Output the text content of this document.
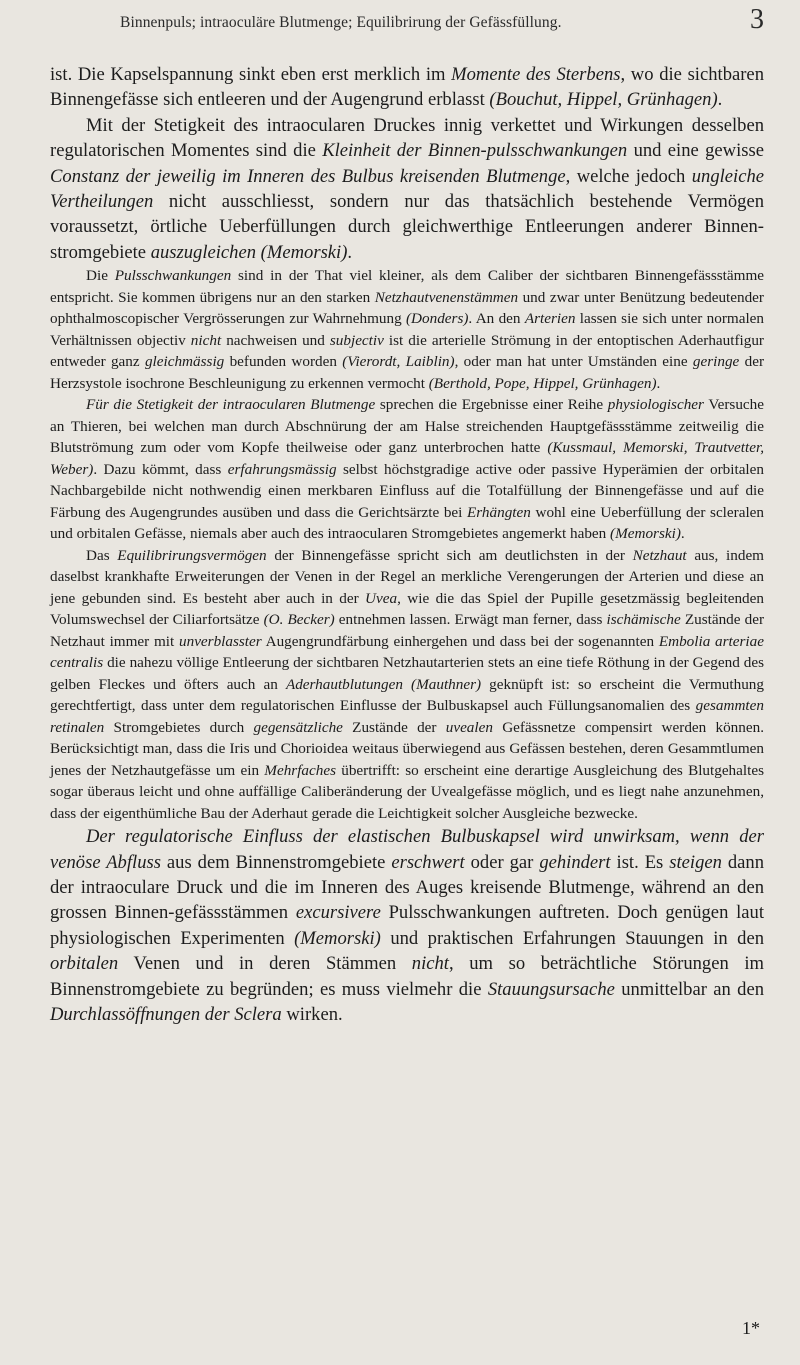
Binnenpuls; intraoculäre Blutmenge; Equilibrirung der Gefässfüllung.	3

ist. Die Kapselspannung sinkt eben erst merklich im Momente des Sterbens, wo die sichtbaren Binnengefässe sich entleeren und der Augengrund erblasst (Bouchut, Hippel, Grünhagen).

Mit der Stetigkeit des intraocularen Druckes innig verkettet und Wirkungen desselben regulatorischen Momentes sind die Kleinheit der Binnen-pulsschwankungen und eine gewisse Constanz der jeweilig im Inneren des Bulbus kreisenden Blutmenge, welche jedoch ungleiche Vertheilungen nicht ausschliesst, sondern nur das thatsächlich bestehende Vermögen voraussetzt, örtliche Ueberfüllungen durch gleichwerthige Entleerungen anderer Binnen-stromgebiete auszugleichen (Memorski).

Die Pulsschwankungen sind in der That viel kleiner, als dem Caliber der sichtbaren Binnengefässstämme entspricht. Sie kommen übrigens nur an den starken Netzhautvenenstämmen und zwar unter Benützung bedeutender ophthalmoscopischer Vergrösserungen zur Wahrnehmung (Donders). An den Arterien lassen sie sich unter normalen Verhältnissen objectiv nicht nachweisen und subjectiv ist die arterielle Strömung in der entoptischen Aderhautfigur entweder ganz gleichmässig befunden worden (Vierordt, Laiblin), oder man hat unter Umständen eine geringe der Herzsystole isochrone Beschleunigung zu erkennen vermocht (Berthold, Pope, Hippel, Grünhagen).

Für die Stetigkeit der intraocularen Blutmenge sprechen die Ergebnisse einer Reihe physiologischer Versuche an Thieren, bei welchen man durch Abschnürung der am Halse streichenden Hauptgefässstämme zeitweilig die Blutströmung zum oder vom Kopfe theilweise oder ganz unterbrochen hatte (Kussmaul, Memorski, Trautvetter, Weber). Dazu kömmt, dass erfahrungsmässig selbst höchstgradige active oder passive Hyperämien der orbitalen Nachbargebilde nicht nothwendig einen merkbaren Einfluss auf die Totalfüllung der Binnengefässe und auf die Färbung des Augengrundes ausüben und dass die Gerichtsärzte bei Erhängten wohl eine Ueberfüllung der scleralen und orbitalen Gefässe, niemals aber auch des intraocularen Stromgebietes angemerkt haben (Memorski).

Das Equilibrirungsvermögen der Binnengefässe spricht sich am deutlichsten in der Netzhaut aus, indem daselbst krankhafte Erweiterungen der Venen in der Regel an merkliche Verengerungen der Arterien und diese an jene gebunden sind. Es besteht aber auch in der Uvea, wie die das Spiel der Pupille gesetzmässig begleitenden Volumswechsel der Ciliarfortsätze (O. Becker) entnehmen lassen. Erwägt man ferner, dass ischämische Zustände der Netzhaut immer mit unverblasster Augengrundfärbung einhergehen und dass bei der sogenannten Embolia arteriae centralis die nahezu völlige Entleerung der sichtbaren Netzhautarterien stets an eine tiefe Röthung in der Gegend des gelben Fleckes und öfters auch an Aderhautblutungen (Mauthner) geknüpft ist: so erscheint die Vermuthung gerechtfertigt, dass unter dem regulatorischen Einflusse der Bulbuskapsel auch Füllungsanomalien des gesammten retinalen Stromgebietes durch gegensätzliche Zustände der uvealen Gefässnetze compensirt werden können. Berücksichtigt man, dass die Iris und Chorioidea weitaus überwiegend aus Gefässen bestehen, deren Gesammtlumen jenes der Netzhautgefässe um ein Mehrfaches übertrifft: so erscheint eine derartige Ausgleichung des Blutgehaltes sogar überaus leicht und ohne auffällige Caliberänderung der Uvealgefässe möglich, und es liegt nahe anzunehmen, dass der eigenthümliche Bau der Aderhaut gerade die Leichtigkeit solcher Ausgleiche bezwecke.

Der regulatorische Einfluss der elastischen Bulbuskapsel wird unwirksam, wenn der venöse Abfluss aus dem Binnenstromgebiete erschwert oder gar gehindert ist. Es steigen dann der intraoculare Druck und die im Inneren des Auges kreisende Blutmenge, während an den grossen Binnen-gefässstämmen excursivere Pulsschwankungen auftreten. Doch genügen laut physiologischen Experimenten (Memorski) und praktischen Erfahrungen Stauungen in den orbitalen Venen und in deren Stämmen nicht, um so beträchtliche Störungen im Binnenstromgebiete zu begründen; es muss vielmehr die Stauungsursache unmittelbar an den Durchlassöffnungen der Sclera wirken.

1*
